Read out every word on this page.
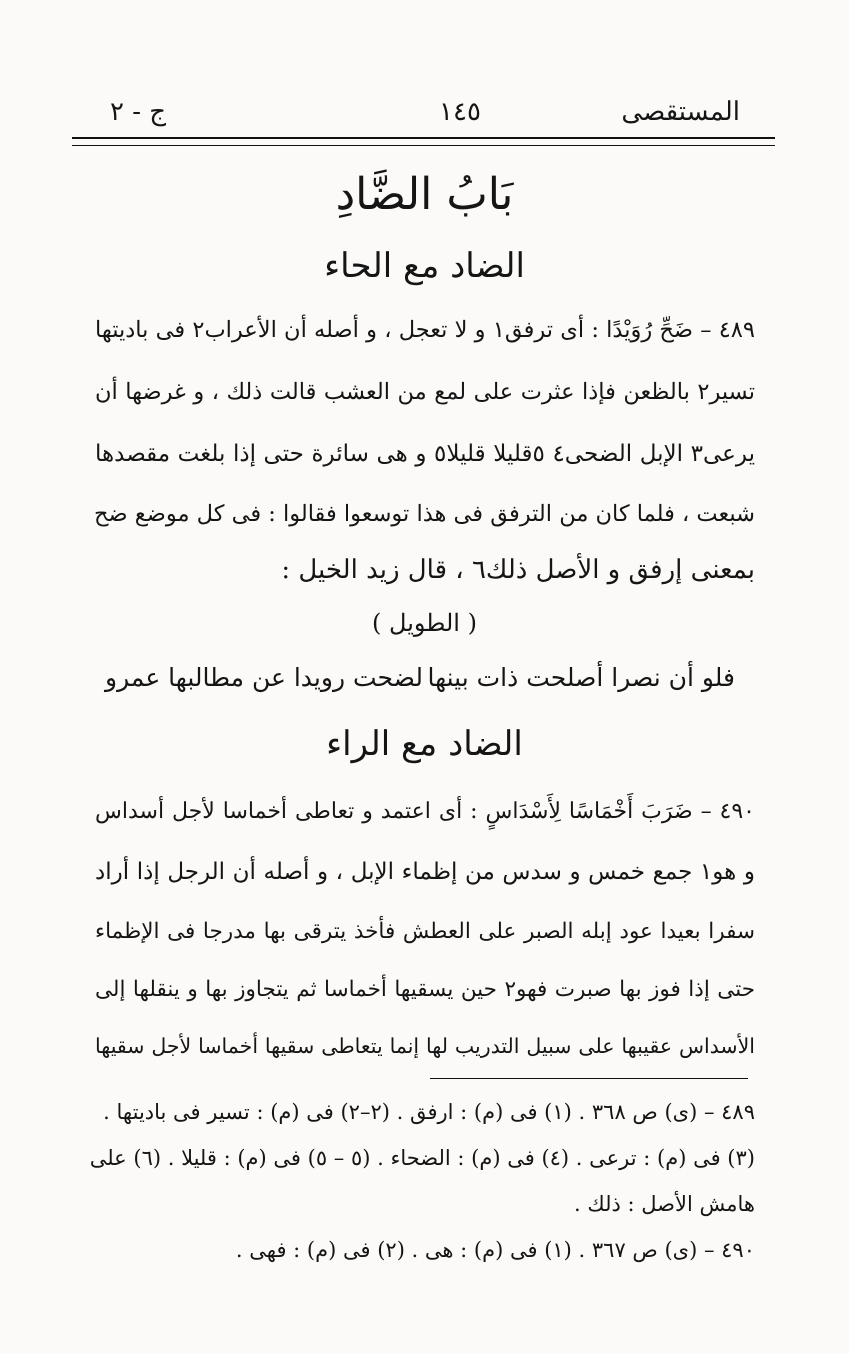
المستقصى
١٤٥
ج - ٢
بَابُ الضَّادِ
الضاد مع الحاء
٤٨٩ – ضَحِّ رُوَيْدًا : أى ترفق١ و لا تعجل ، و أصله أن الأعراب٢ فى باديتها
تسير٢ بالظعن فإذا عثرت على لمع من العشب قالت ذلك ، و غرضها أن
يرعى٣ الإبل الضحى٤ ٥قليلا قليلا٥ و هى سائرة حتى إذا بلغت مقصدها
شبعت ، فلما كان من الترفق فى هذا توسعوا فقالوا : فى كل موضع ضح
بمعنى إرفق و الأصل ذلك٦ ، قال زيد الخيل :
( الطويل )
فلو أن نصرا أصلحت ذات بينها
لضحت رويدا عن مطالبها عمرو
الضاد مع الراء
٤٩٠ – ضَرَبَ أَخْمَاسًا لِأَسْدَاسٍ : أى اعتمد و تعاطى أخماسا لأجل أسداس
و هو١ جمع خمس و سدس من إظماء الإبل ، و أصله أن الرجل إذا أراد
سفرا بعيدا عود إبله الصبر على العطش فأخذ يترقى بها مدرجا فى الإظماء
حتى إذا فوز بها صبرت فهو٢ حين يسقيها أخماسا ثم يتجاوز بها و ينقلها إلى
الأسداس عقيبها على سبيل التدريب لها إنما يتعاطى سقيها أخماسا لأجل سقيها
٤٨٩ – (ى) ص ٣٦٨ . (١) فى (م) : ارفق . (٢–٢) فى (م) : تسير فى باديتها .
(٣) فى (م) : ترعى . (٤) فى (م) : الضحاء . (٥ – ٥) فى (م) : قليلا . (٦) على
هامش الأصل : ذلك .
٤٩٠ – (ى) ص ٣٦٧ . (١) فى (م) : هى . (٢) فى (م) : فهى .
